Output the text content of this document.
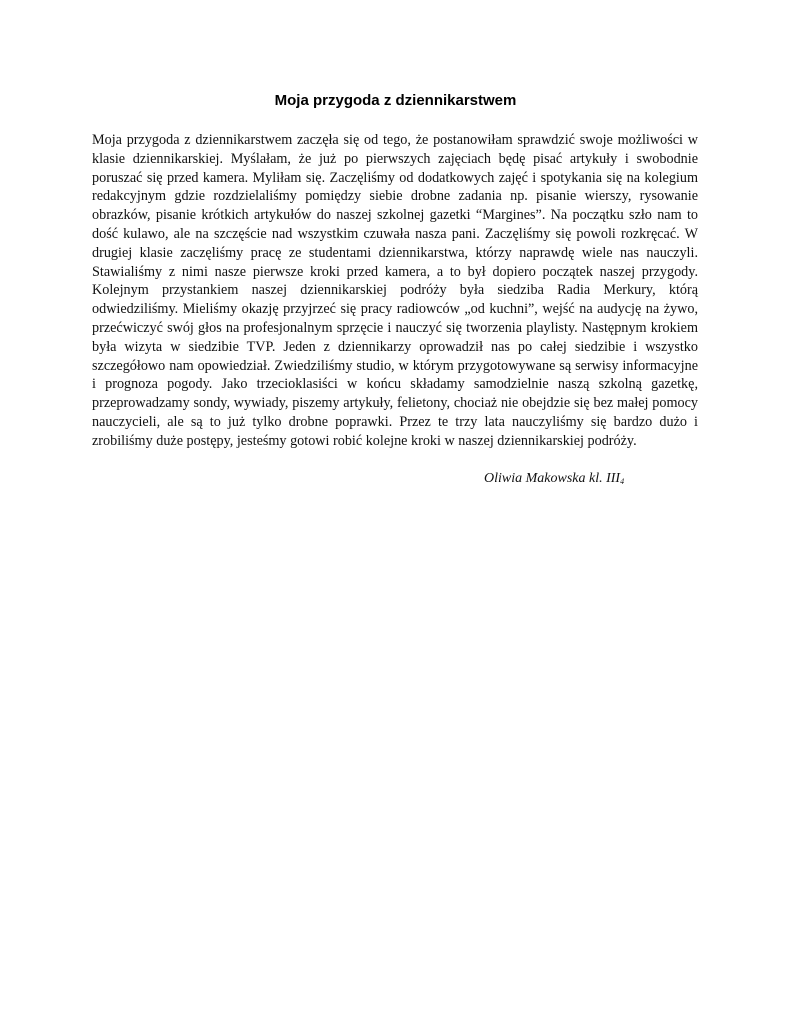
Moja przygoda z dziennikarstwem

Moja przygoda z dziennikarstwem zaczęła się od tego, że postanowiłam sprawdzić swoje możliwości w klasie dziennikarskiej. Myślałam, że już po pierwszych zajęciach będę pisać artykuły i swobodnie poruszać się przed kamera. Myliłam się. Zaczęliśmy od dodatkowych zajęć i spotykania się na kolegium redakcyjnym gdzie rozdzielaliśmy pomiędzy siebie drobne zadania np. pisanie wierszy, rysowanie obrazków, pisanie krótkich artykułów do naszej szkolnej gazetki “Margines”. Na początku szło nam to dość kulawo, ale na szczęście nad wszystkim czuwała nasza pani. Zaczęliśmy się powoli rozkręcać. W drugiej klasie zaczęliśmy pracę ze studentami dziennikarstwa, którzy naprawdę wiele nas nauczyli. Stawialiśmy z nimi nasze pierwsze kroki przed kamera, a to był dopiero początek naszej przygody. Kolejnym przystankiem naszej dziennikarskiej podróży była siedziba Radia Merkury, którą odwiedziliśmy. Mieliśmy okazję przyjrzeć się pracy radiowców „od kuchni”, wejść na audycję na żywo, przećwiczyć swój głos na profesjonalnym sprzęcie i nauczyć się tworzenia playlisty. Następnym krokiem była wizyta w siedzibie TVP. Jeden z dziennikarzy oprowadził nas po całej siedzibie i wszystko szczegółowo nam opowiedział. Zwiedziliśmy studio, w którym przygotowywane są serwisy informacyjne i prognoza pogody. Jako trzecioklasiści w końcu składamy samodzielnie naszą szkolną gazetkę, przeprowadzamy sondy, wywiady, piszemy artykuły, felietony, chociaż nie obejdzie się bez małej pomocy nauczycieli, ale są to już tylko drobne poprawki. Przez te trzy lata nauczyliśmy się bardzo dużo i zrobiliśmy duże postępy, jesteśmy gotowi robić kolejne kroki w naszej dziennikarskiej podróży.

Oliwia Makowska kl. $III_4$
